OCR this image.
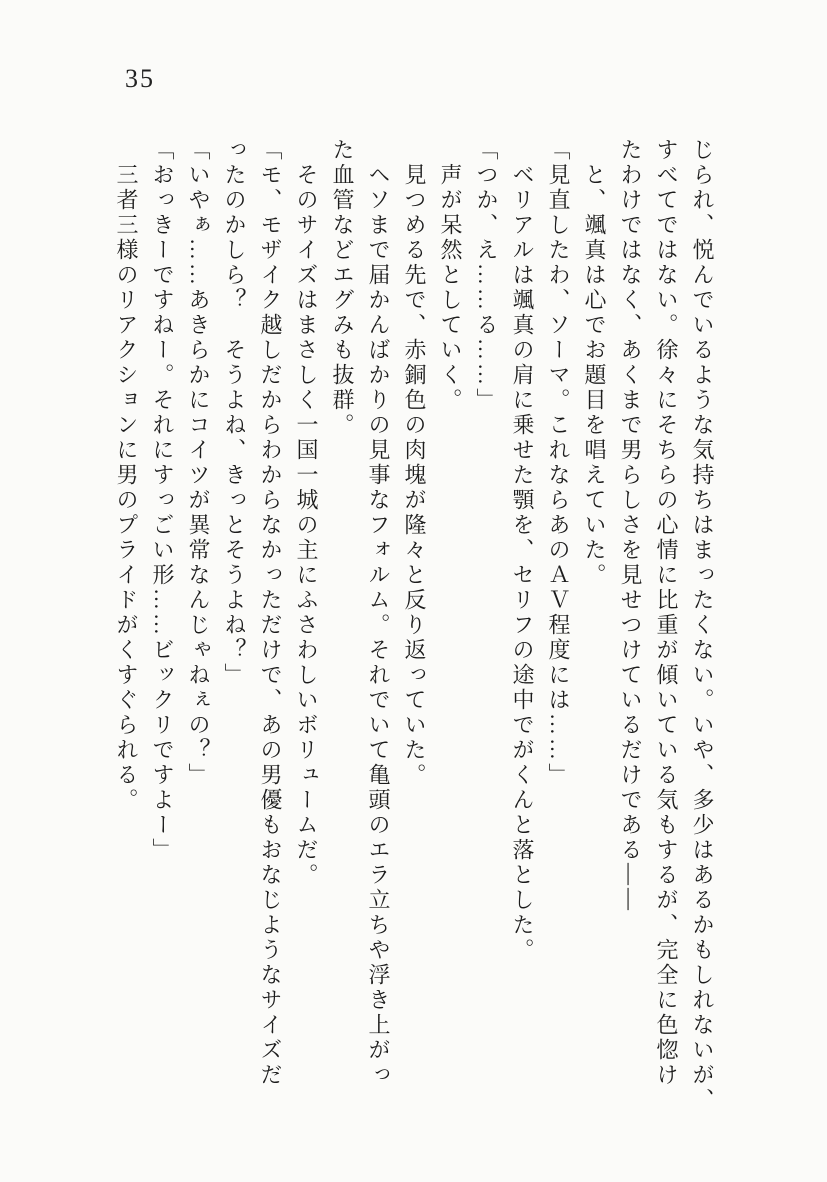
35
じられ、悦んでいるような気持ちはまったくない。いや、多少はあるかもしれないが、
すべてではない。徐々にそちらの心情に比重が傾いている気もするが、完全に色惚け
たわけではなく、あくまで男らしさを見せつけているだけである――
と、颯真は心でお題目を唱えていた。
「見直したわ、ソーマ。これならあのＡＶ程度には……」
ベリアルは颯真の肩に乗せた顎を、セリフの途中でがくんと落とした。
「つか、え……る……」
声が呆然としていく。
見つめる先で、赤銅色の肉塊が隆々と反り返っていた。
ヘソまで届かんばかりの見事なフォルム。それでいて亀頭のエラ立ちや浮き上がっ
た血管などエグみも抜群。
そのサイズはまさしく一国一城の主にふさわしいボリュームだ。
「モ、モザイク越しだからわからなかっただけで、あの男優もおなじようなサイズだ
ったのかしら？　そうよね、きっとそうよね？」
「いやぁ……あきらかにコイツが異常なんじゃねぇの？」
「おっきーですねー。それにすっごい形……ビックリですよー」
三者三様のリアクションに男のプライドがくすぐられる。
